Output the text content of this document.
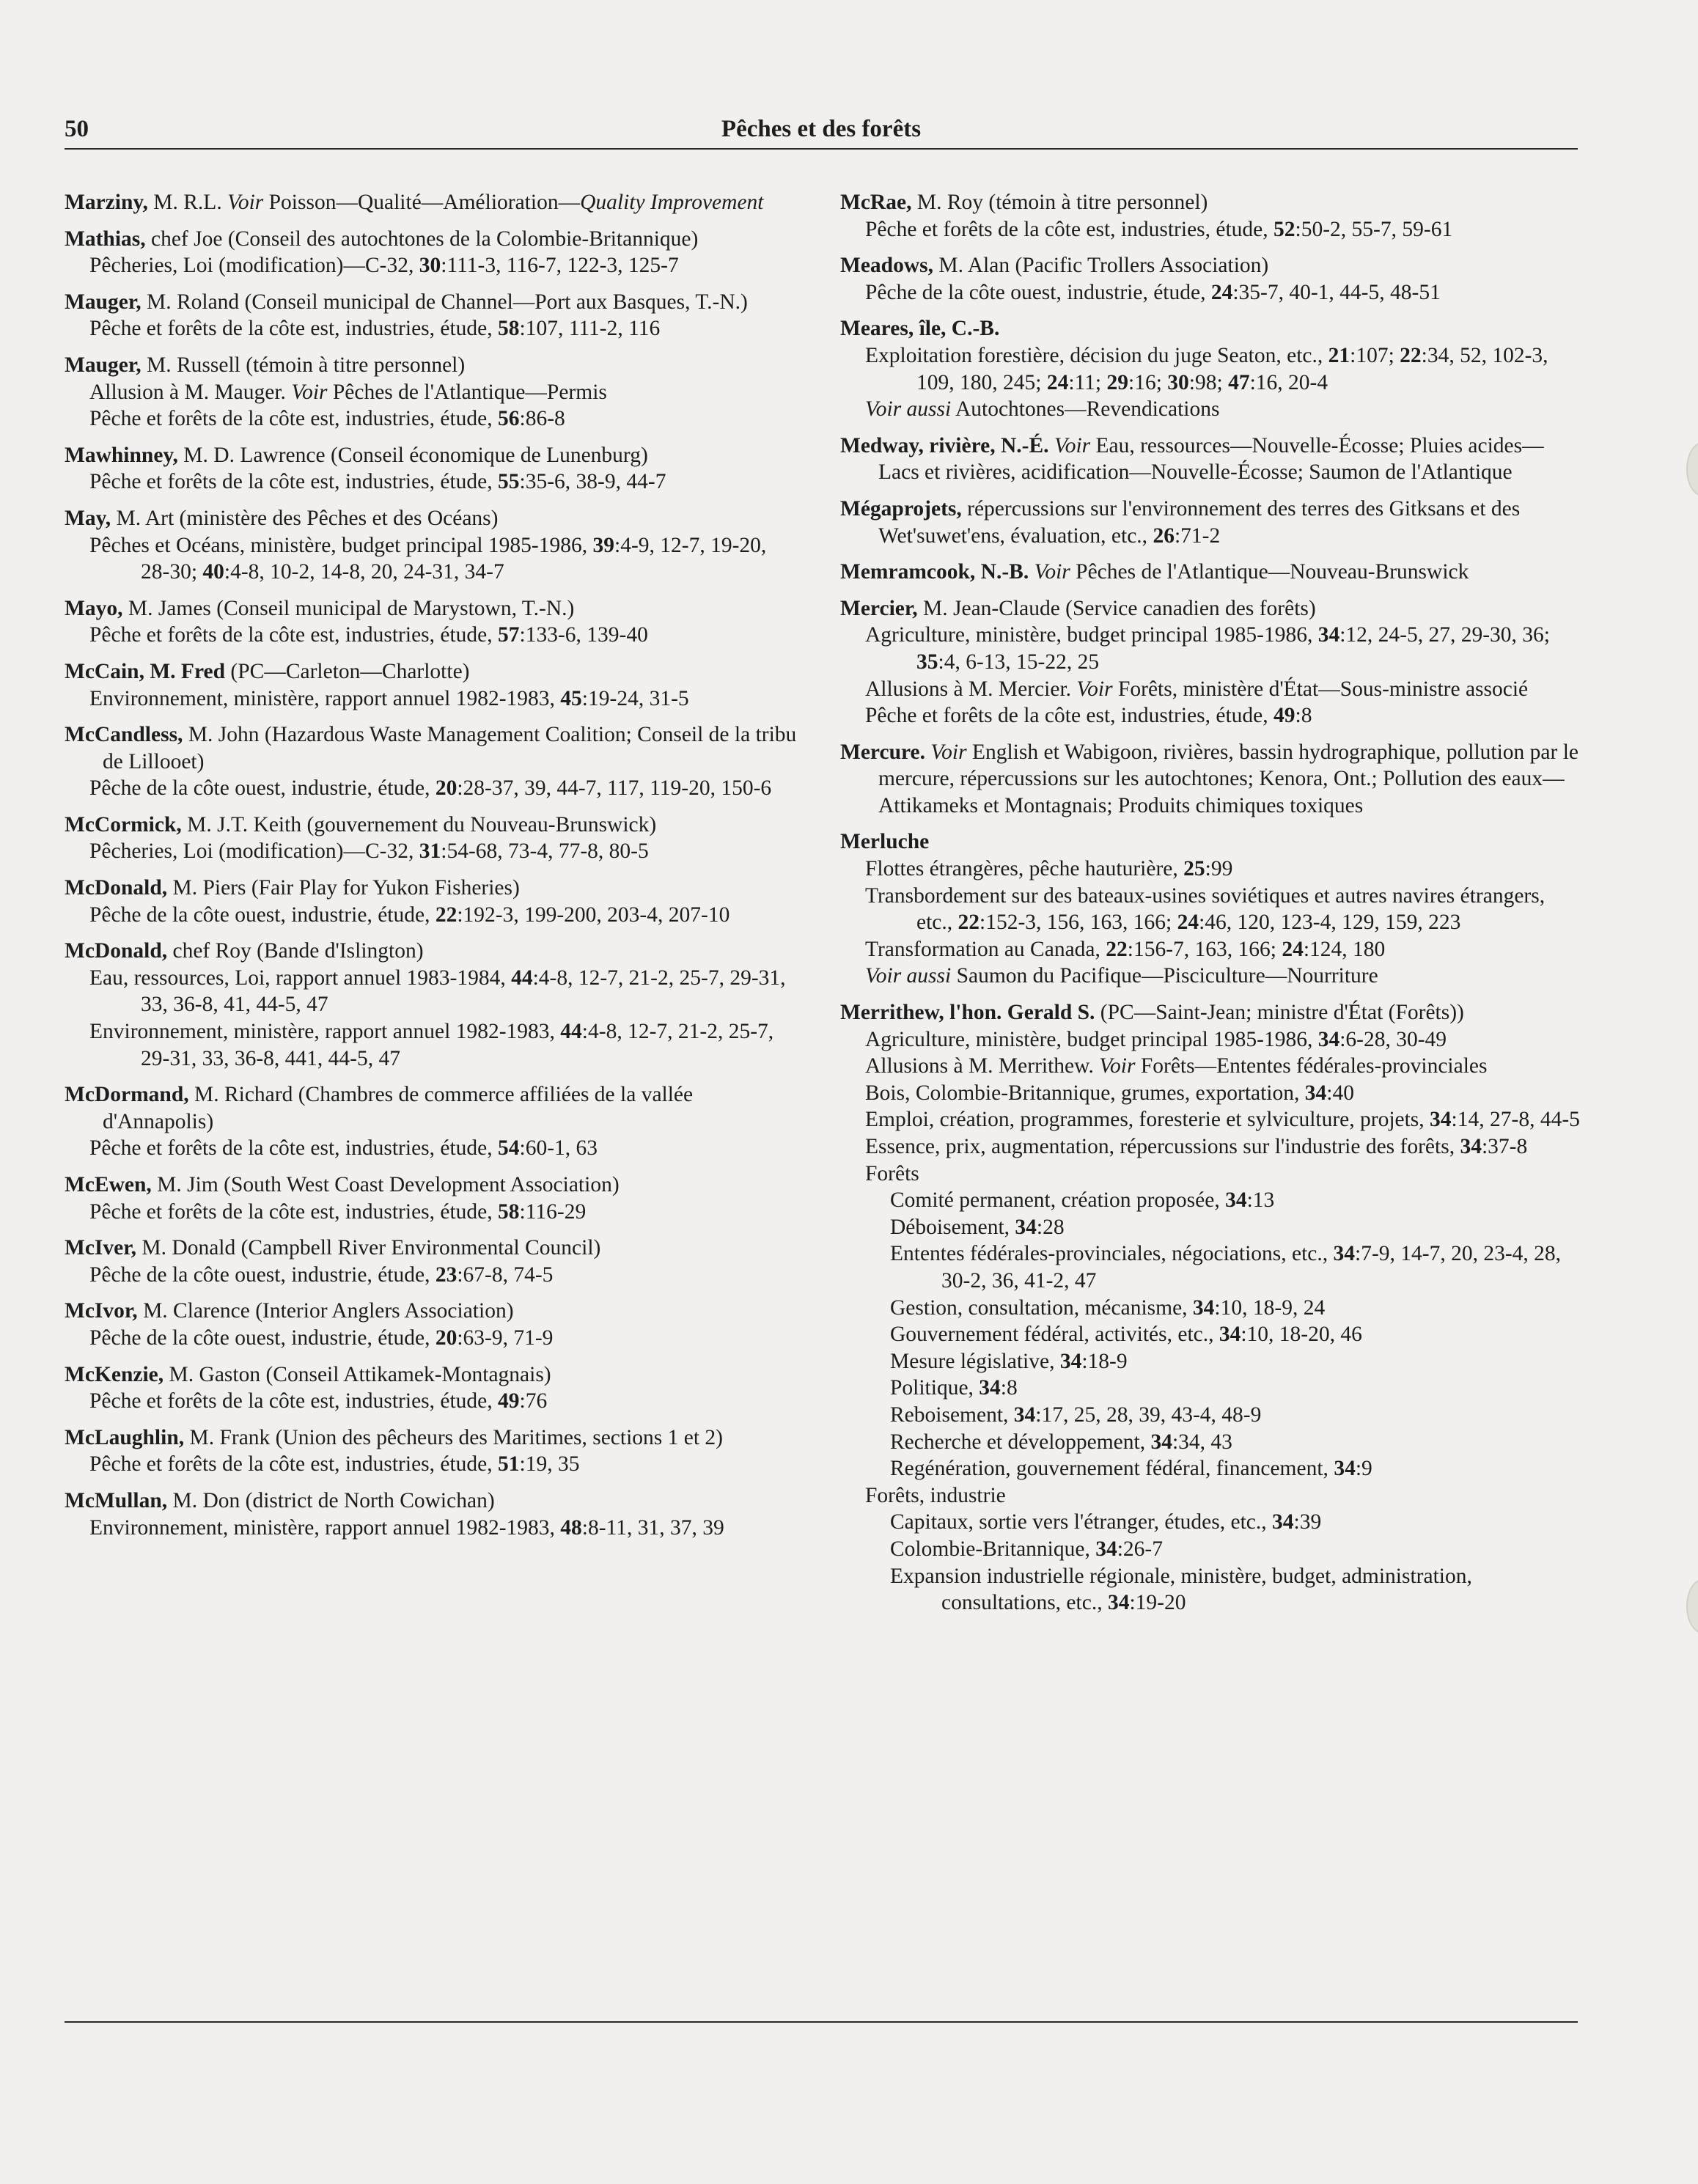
50	Pêches et des forêts
Marziny, M. R.L. Voir Poisson—Qualité—Amélioration—Quality Improvement
Mathias, chef Joe (Conseil des autochtones de la Colombie-Britannique)
Pêcheries, Loi (modification)—C-32, 30:111-3, 116-7, 122-3, 125-7
Mauger, M. Roland (Conseil municipal de Channel—Port aux Basques, T.-N.)
Pêche et forêts de la côte est, industries, étude, 58:107, 111-2, 116
Mauger, M. Russell (témoin à titre personnel)
Allusion à M. Mauger. Voir Pêches de l'Atlantique—Permis
Pêche et forêts de la côte est, industries, étude, 56:86-8
Mawhinney, M. D. Lawrence (Conseil économique de Lunenburg)
Pêche et forêts de la côte est, industries, étude, 55:35-6, 38-9, 44-7
May, M. Art (ministère des Pêches et des Océans)
Pêches et Océans, ministère, budget principal 1985-1986, 39:4-9, 12-7, 19-20, 28-30; 40:4-8, 10-2, 14-8, 20, 24-31, 34-7
Mayo, M. James (Conseil municipal de Marystown, T.-N.)
Pêche et forêts de la côte est, industries, étude, 57:133-6, 139-40
McCain, M. Fred (PC—Carleton—Charlotte)
Environnement, ministère, rapport annuel 1982-1983, 45:19-24, 31-5
McCandless, M. John (Hazardous Waste Management Coalition; Conseil de la tribu de Lillooet)
Pêche de la côte ouest, industrie, étude, 20:28-37, 39, 44-7, 117, 119-20, 150-6
McCormick, M. J.T. Keith (gouvernement du Nouveau-Brunswick)
Pêcheries, Loi (modification)—C-32, 31:54-68, 73-4, 77-8, 80-5
McDonald, M. Piers (Fair Play for Yukon Fisheries)
Pêche de la côte ouest, industrie, étude, 22:192-3, 199-200, 203-4, 207-10
McDonald, chef Roy (Bande d'Islington)
Eau, ressources, Loi, rapport annuel 1983-1984, 44:4-8, 12-7, 21-2, 25-7, 29-31, 33, 36-8, 41, 44-5, 47
Environnement, ministère, rapport annuel 1982-1983, 44:4-8, 12-7, 21-2, 25-7, 29-31, 33, 36-8, 441, 44-5, 47
McDormand, M. Richard (Chambres de commerce affiliées de la vallée d'Annapolis)
Pêche et forêts de la côte est, industries, étude, 54:60-1, 63
McEwen, M. Jim (South West Coast Development Association)
Pêche et forêts de la côte est, industries, étude, 58:116-29
McIver, M. Donald (Campbell River Environmental Council)
Pêche de la côte ouest, industrie, étude, 23:67-8, 74-5
McIvor, M. Clarence (Interior Anglers Association)
Pêche de la côte ouest, industrie, étude, 20:63-9, 71-9
McKenzie, M. Gaston (Conseil Attikamek-Montagnais)
Pêche et forêts de la côte est, industries, étude, 49:76
McLaughlin, M. Frank (Union des pêcheurs des Maritimes, sections 1 et 2)
Pêche et forêts de la côte est, industries, étude, 51:19, 35
McMullan, M. Don (district de North Cowichan)
Environnement, ministère, rapport annuel 1982-1983, 48:8-11, 31, 37, 39
McRae, M. Roy (témoin à titre personnel)
Pêche et forêts de la côte est, industries, étude, 52:50-2, 55-7, 59-61
Meadows, M. Alan (Pacific Trollers Association)
Pêche de la côte ouest, industrie, étude, 24:35-7, 40-1, 44-5, 48-51
Meares, île, C.-B.
Exploitation forestière, décision du juge Seaton, etc., 21:107; 22:34, 52, 102-3, 109, 180, 245; 24:11; 29:16; 30:98; 47:16, 20-4
Voir aussi Autochtones—Revendications
Medway, rivière, N.-É. Voir Eau, ressources—Nouvelle-Écosse; Pluies acides—Lacs et rivières, acidification—Nouvelle-Écosse; Saumon de l'Atlantique
Mégaprojets, répercussions sur l'environnement des terres des Gitksans et des Wet'suwet'ens, évaluation, etc., 26:71-2
Memramcook, N.-B. Voir Pêches de l'Atlantique—Nouveau-Brunswick
Mercier, M. Jean-Claude (Service canadien des forêts)
Agriculture, ministère, budget principal 1985-1986, 34:12, 24-5, 27, 29-30, 36; 35:4, 6-13, 15-22, 25
Allusions à M. Mercier. Voir Forêts, ministère d'État—Sous-ministre associé
Pêche et forêts de la côte est, industries, étude, 49:8
Mercure. Voir English et Wabigoon, rivières, bassin hydrographique, pollution par le mercure, répercussions sur les autochtones; Kenora, Ont.; Pollution des eaux—Attikameks et Montagnais; Produits chimiques toxiques
Merluche
Flottes étrangères, pêche hauturière, 25:99
Transbordement sur des bateaux-usines soviétiques et autres navires étrangers, etc., 22:152-3, 156, 163, 166; 24:46, 120, 123-4, 129, 159, 223
Transformation au Canada, 22:156-7, 163, 166; 24:124, 180
Voir aussi Saumon du Pacifique—Pisciculture—Nourriture
Merrithew, l'hon. Gerald S. (PC—Saint-Jean; ministre d'État (Forêts))
Agriculture, ministère, budget principal 1985-1986, 34:6-28, 30-49
Allusions à M. Merrithew. Voir Forêts—Ententes fédérales-provinciales
Bois, Colombie-Britannique, grumes, exportation, 34:40
Emploi, création, programmes, foresterie et sylviculture, projets, 34:14, 27-8, 44-5
Essence, prix, augmentation, répercussions sur l'industrie des forêts, 34:37-8
Forêts
Comité permanent, création proposée, 34:13
Déboisement, 34:28
Ententes fédérales-provinciales, négociations, etc., 34:7-9, 14-7, 20, 23-4, 28, 30-2, 36, 41-2, 47
Gestion, consultation, mécanisme, 34:10, 18-9, 24
Gouvernement fédéral, activités, etc., 34:10, 18-20, 46
Mesure législative, 34:18-9
Politique, 34:8
Reboisement, 34:17, 25, 28, 39, 43-4, 48-9
Recherche et développement, 34:34, 43
Regénération, gouvernement fédéral, financement, 34:9
Forêts, industrie
Capitaux, sortie vers l'étranger, études, etc., 34:39
Colombie-Britannique, 34:26-7
Expansion industrielle régionale, ministère, budget, administration, consultations, etc., 34:19-20
